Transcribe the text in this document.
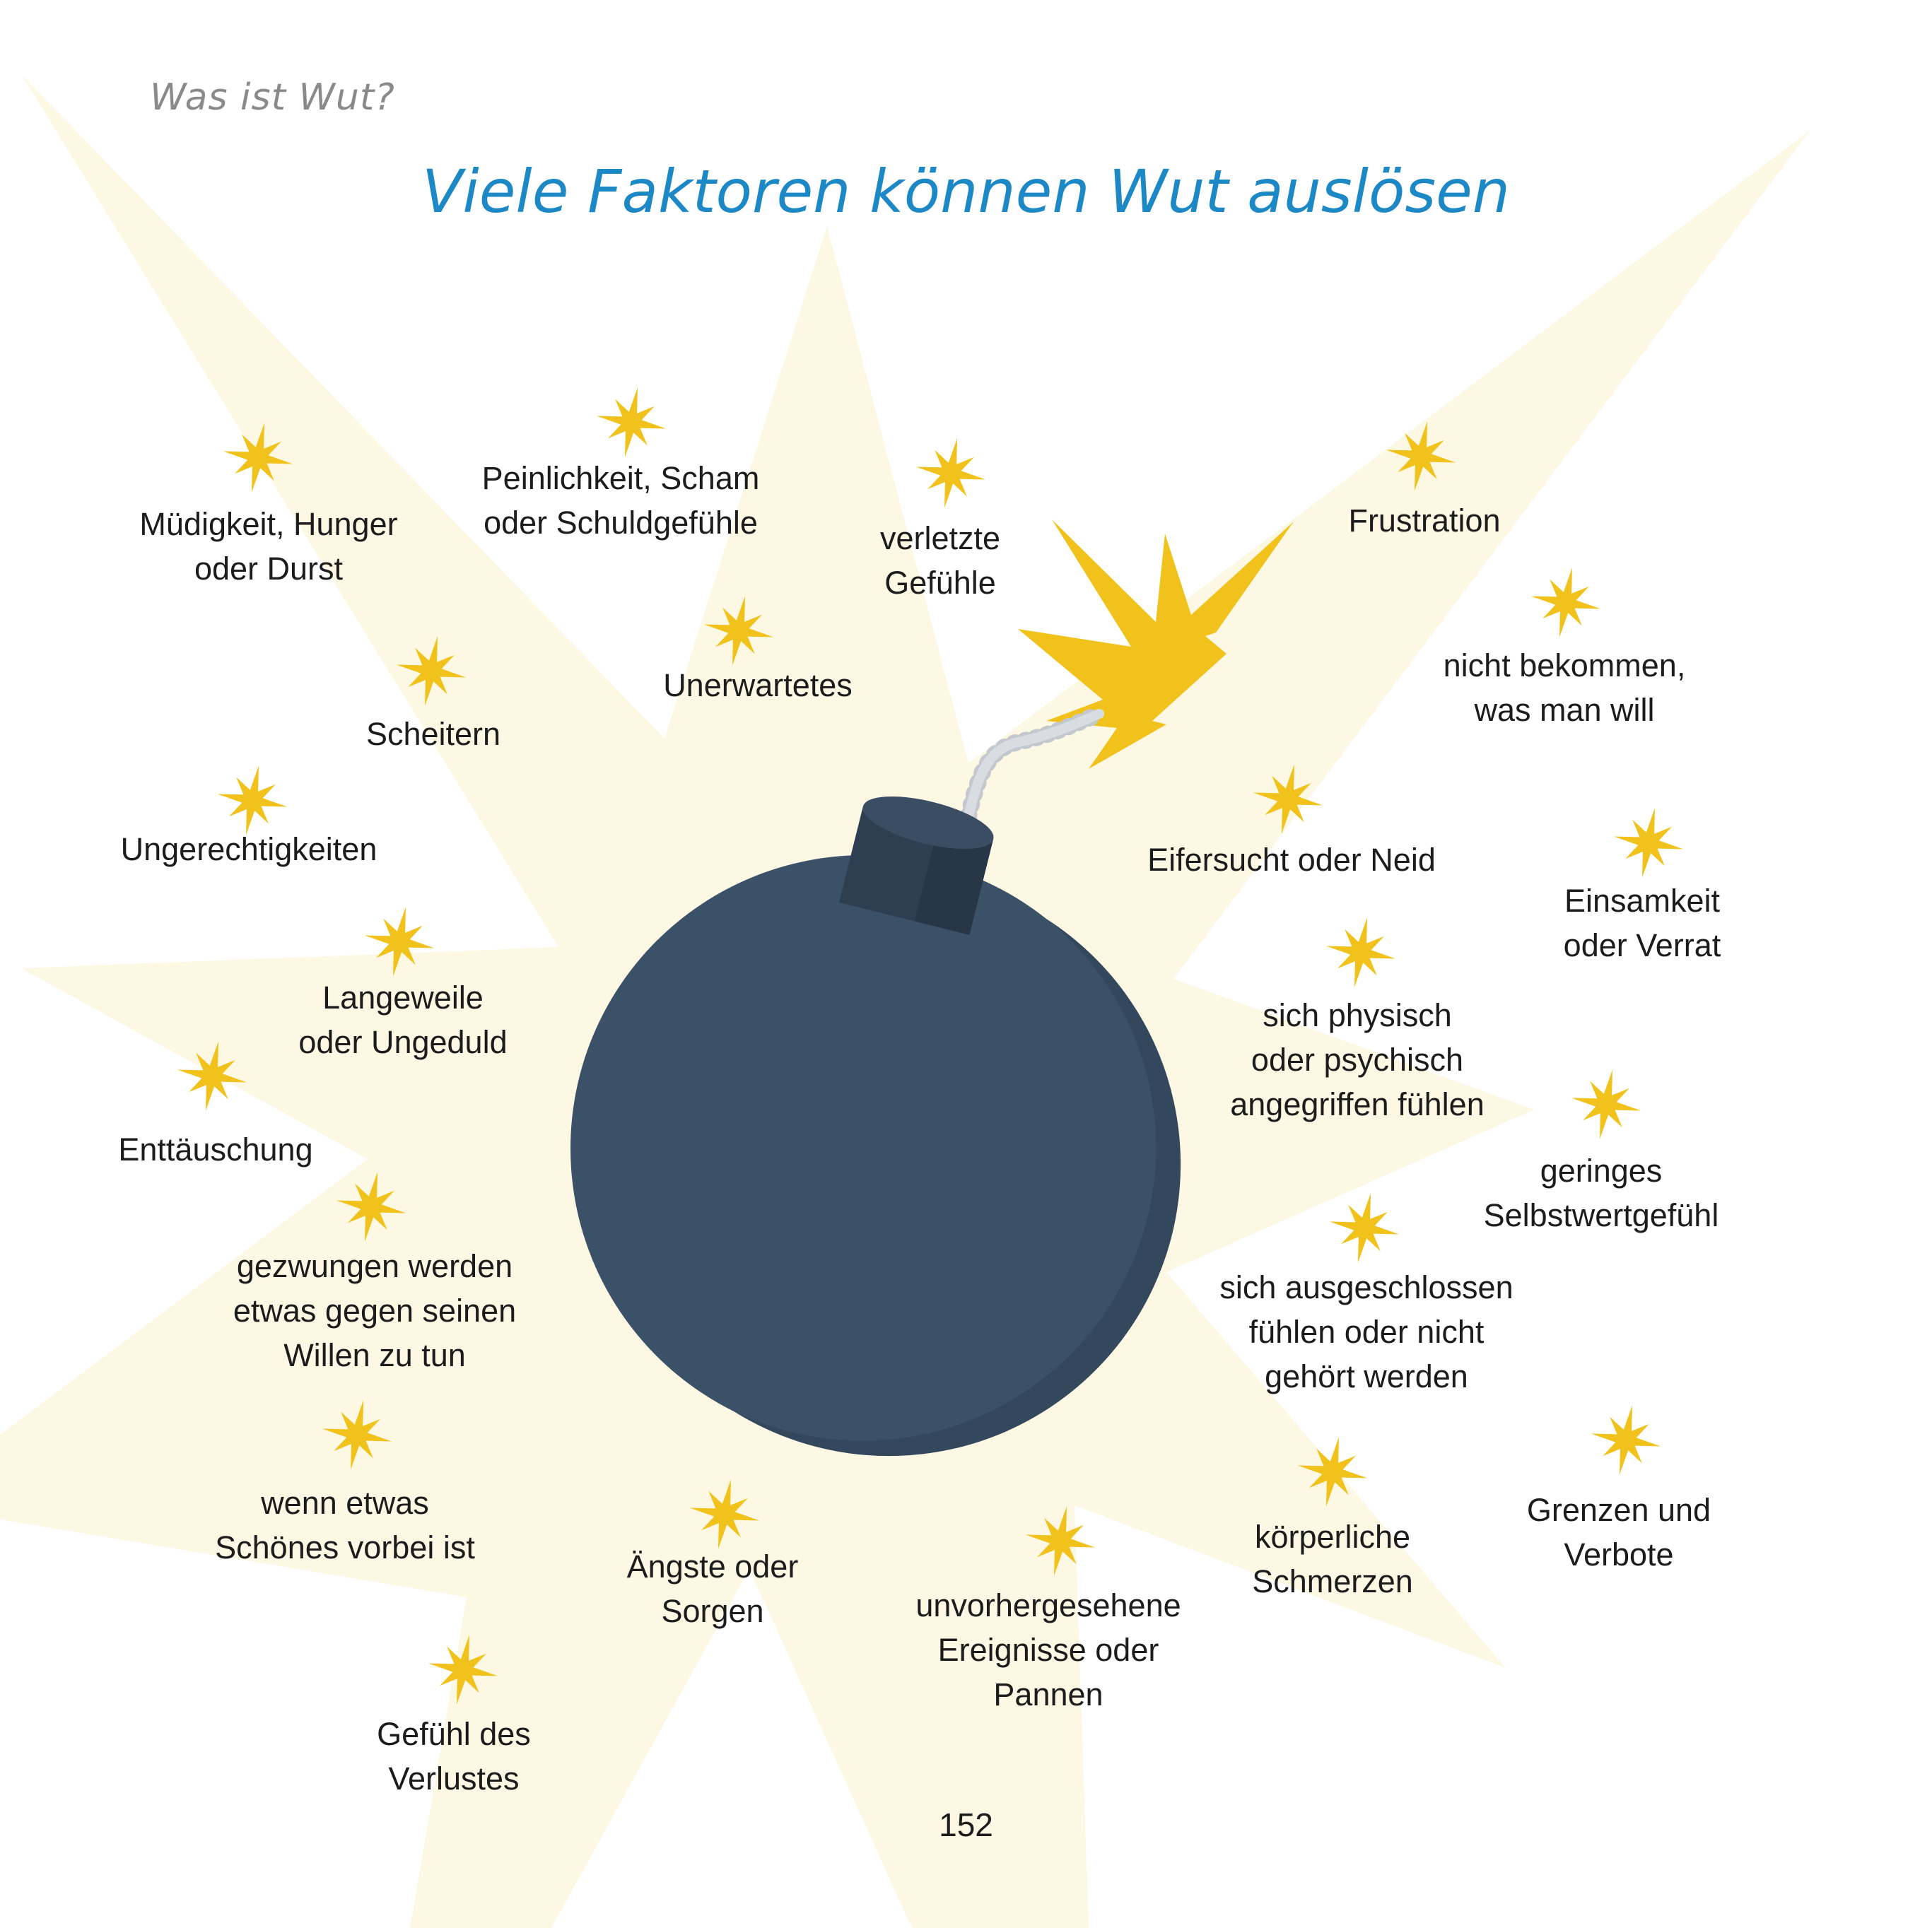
Was ist Wut?
Viele Faktoren können Wut auslösen
Müdigkeit, Hunger
oder Durst
Peinlichkeit, Scham
oder Schuldgefühle	verletzte
Gefühle
Frustration
Scheitern
Unerwartetes
nicht bekommen,
was man will
Ungerechtigkeiten	Eifersucht oder Neid
Einsamkeit
oder Verrat
Langeweile
oder Ungeduld
sich physisch
oder psychisch
angegriffen fühlen
Enttäuschung
geringes
Selbstwertgefühl
gezwungen werden
etwas gegen seinen
Willen zu tun
sich ausgeschlossen
fühlen oder nicht
gehört werden
wenn etwas
Schönes vorbei ist
Ängste oder
Sorgen	unvorhergesehene
Ereignisse oder
Pannen
körperliche
Schmerzen
Grenzen und
Verbote
Gefühl des
Verlustes
152
